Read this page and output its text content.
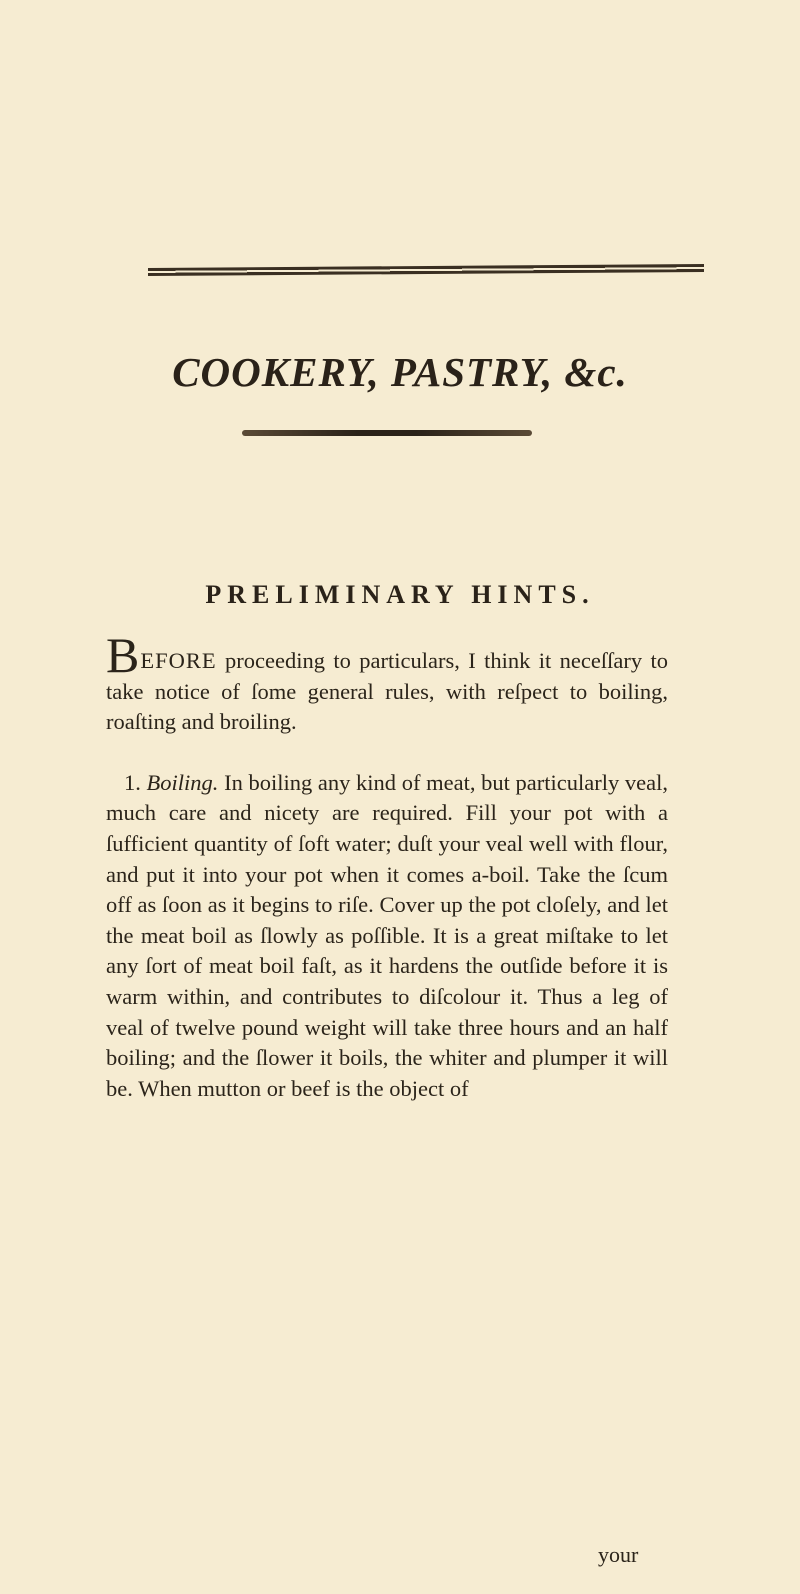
COOKERY, PASTRY, &c.
PRELIMINARY HINTS.

BEFORE proceeding to particulars, I think it neceſſary to take notice of ſome general rules, with reſpect to boiling, roaſting and broiling.

1. Boiling. In boiling any kind of meat, but particularly veal, much care and nicety are required. Fill your pot with a ſufficient quantity of ſoft water; duſt your veal well with flour, and put it into your pot when it comes a-boil. Take the ſcum off as ſoon as it begins to riſe. Cover up the pot cloſely, and let the meat boil as ſlowly as poſſible. It is a great miſtake to let any ſort of meat boil faſt, as it hardens the outſide before it is warm within, and contributes to diſcolour it. Thus a leg of veal of twelve pound weight will take three hours and an half boiling; and the ſlower it boils, the whiter and plumper it will be. When mutton or beef is the object of

your
